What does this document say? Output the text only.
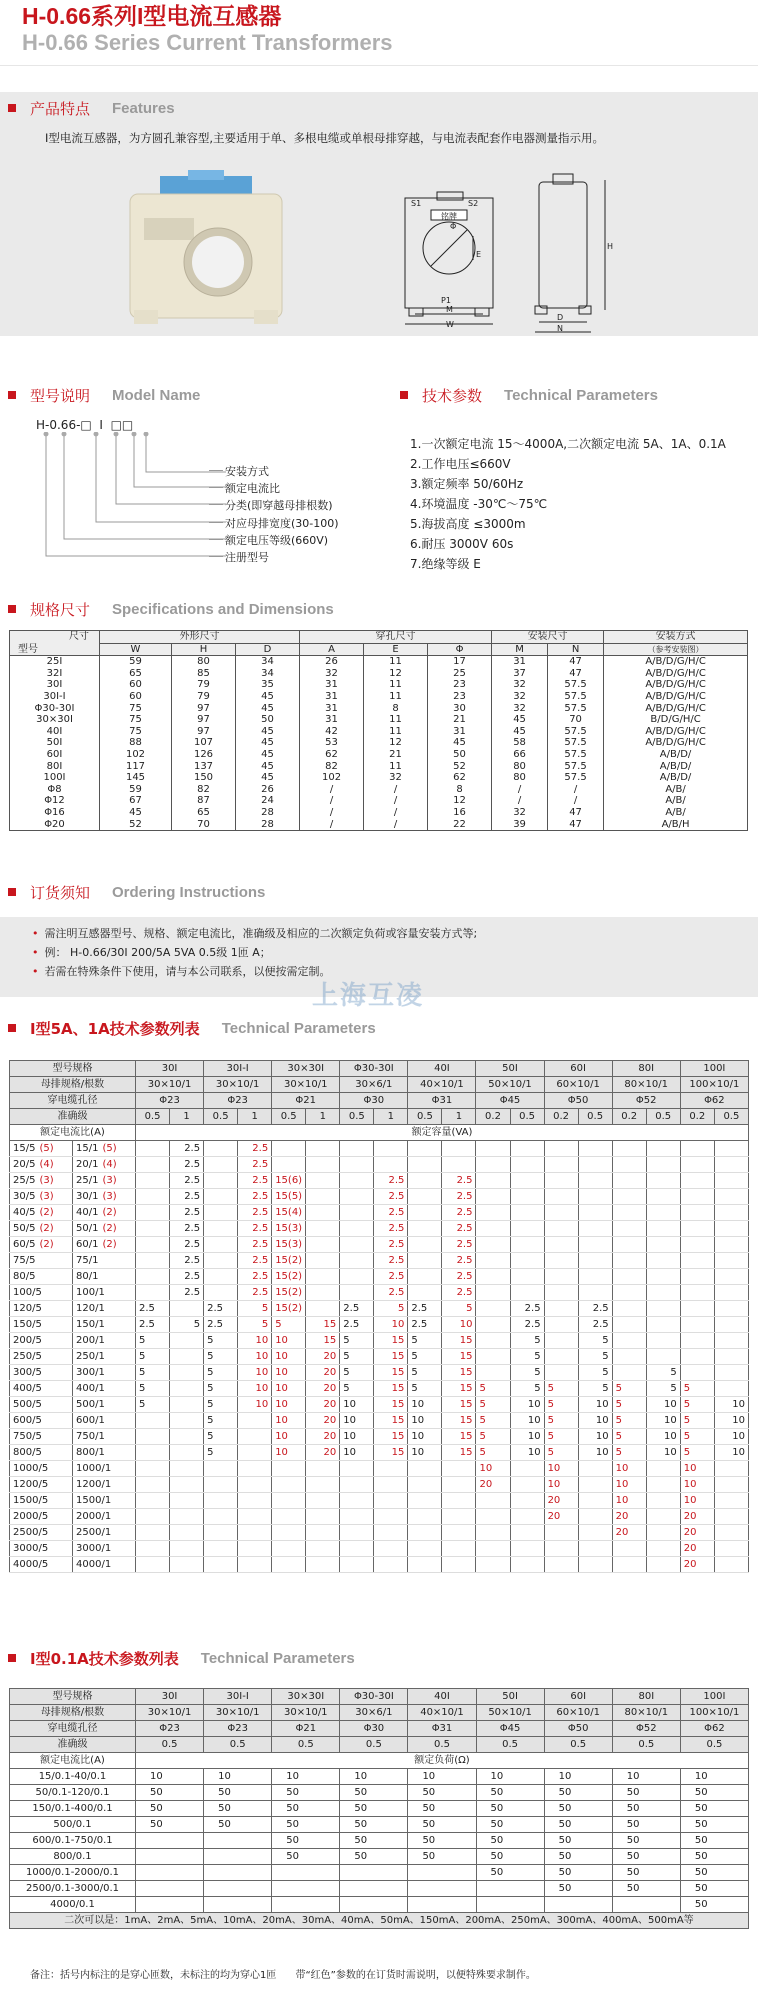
H-0.66系列I型电流互感器
H-0.66 Series Current Transformers
产品特点 Features
I型电流互感器，为方圆孔兼容型,主要适用于单、多根电缆或单根母排穿越，与电流表配套作电器测量指示用。
S1	S2
铭牌
Φ
E
P1
M
W
H
D
N
型号说明 Model Name
H-0.66-□ I  □□
安装方式
额定电流比
分类(即穿越母排根数)
对应母排宽度(30-100)
额定电压等级(660V)
注册型号
技术参数 Technical Parameters
1.一次额定电流 15～4000A,二次额定电流 5A、1A、0.1A
2.工作电压≤660V
3.额定频率 50/60Hz
4.环境温度 -30℃～75℃
5.海拔高度 ≤3000m
6.耐压 3000V 60s
7.绝缘等级 E
规格尺寸 Specifications and Dimensions
尺寸
型号	外形尺寸			穿孔尺寸			安装尺寸		安装方式
	W	H	D	A	E	Φ	M	N	（参考安装图）
25I	59	80	34	26	11	17	31	47	A/B/D/G/H/C
32I	65	85	34	32	12	25	37	47	A/B/D/G/H/C
30I	60	79	35	31	11	23	32	57.5	A/B/D/G/H/C
30I-I	60	79	45	31	11	23	32	57.5	A/B/D/G/H/C
Φ30-30I	75	97	45	31	8	30	32	57.5	A/B/D/G/H/C
30×30I	75	97	50	31	11	21	45	70	B/D/G/H/C
40I	75	97	45	42	11	31	45	57.5	A/B/D/G/H/C
50I	88	107	45	53	12	45	58	57.5	A/B/D/G/H/C
60I	102	126	45	62	21	50	66	57.5	A/B/D/
80I	117	137	45	82	11	52	80	57.5	A/B/D/
100I	145	150	45	102	32	62	80	57.5	A/B/D/
Φ8	59	82	26	/	/	8	/	/	A/B/
Φ12	67	87	24	/	/	12	/	/	A/B/
Φ16	45	65	28	/	/	16	32	47	A/B/
Φ20	52	70	28	/	/	22	39	47	A/B/H
订货须知 Ordering Instructions
• 需注明互感器型号、规格、额定电流比，准确级及相应的二次额定负荷或容量安装方式等;
• 例： H-0.66/30I 200/5A 5VA 0.5级 1匝 A；
• 若需在特殊条件下使用，请与本公司联系，以便按需定制。
上海互凌
I型5A、1A技术参数列表 Technical Parameters
型号规格		30I		30I-I		30×30I		Φ30-30I		40I		50I		60I		80I		100I	
母排规格/根数		30×10/1		30×10/1		30×10/1		30×6/1		40×10/1		50×10/1		60×10/1		80×10/1		100×10/1	
穿电缆孔径		Φ23		Φ23		Φ21		Φ30		Φ31		Φ45		Φ50		Φ52		Φ62	
准确级		0.5	1	0.5	1	0.5	1	0.5	1	0.5	1	0.2	0.5	0.2	0.5	0.2	0.5	0.2	0.5
额定电流比(A)		额定容量(VA)																	
15/5 (5)	15/1 (5)		2.5		2.5														
20/5 (4)	20/1 (4)		2.5		2.5														
25/5 (3)	25/1 (3)		2.5		2.5	15(6)			2.5		2.5								
30/5 (3)	30/1 (3)		2.5		2.5	15(5)			2.5		2.5								
40/5 (2)	40/1 (2)		2.5		2.5	15(4)			2.5		2.5								
50/5 (2)	50/1 (2)		2.5		2.5	15(3)			2.5		2.5								
60/5 (2)	60/1 (2)		2.5		2.5	15(3)			2.5		2.5								
75/5	75/1		2.5		2.5	15(2)			2.5		2.5								
80/5	80/1		2.5		2.5	15(2)			2.5		2.5								
100/5	100/1		2.5		2.5	15(2)			2.5		2.5								
120/5	120/1	2.5		2.5	5	15(2)		2.5	5	2.5	5		2.5		2.5				
150/5	150/1	2.5	5	2.5	5	5	15	2.5	10	2.5	10		2.5		2.5				
200/5	200/1	5		5	10	10	15	5	15	5	15		5		5				
250/5	250/1	5		5	10	10	20	5	15	5	15		5		5				
300/5	300/1	5		5	10	10	20	5	15	5	15		5		5		5		
400/5	400/1	5		5	10	10	20	5	15	5	15	5	5	5	5	5	5	5	
500/5	500/1	5		5	10	10	20	10	15	10	15	5	10	5	10	5	10	5	10
600/5	600/1			5		10	20	10	15	10	15	5	10	5	10	5	10	5	10
750/5	750/1			5		10	20	10	15	10	15	5	10	5	10	5	10	5	10
800/5	800/1			5		10	20	10	15	10	15	5	10	5	10	5	10	5	10
1000/5	1000/1											10		10		10		10	
1200/5	1200/1											20		10		10		10	
1500/5	1500/1													20		10		10	
2000/5	2000/1													20		20		20	
2500/5	2500/1															20		20	
3000/5	3000/1																	20	
4000/5	4000/1																	20	
I型0.1A技术参数列表 Technical Parameters
型号规格	30I	30I-I	30×30I	Φ30-30I	40I	50I	60I	80I	100I
母排规格/根数	30×10/1	30×10/1	30×10/1	30×6/1	40×10/1	50×10/1	60×10/1	80×10/1	100×10/1
穿电缆孔径	Φ23	Φ23	Φ21	Φ30	Φ31	Φ45	Φ50	Φ52	Φ62
准确级	0.5	0.5	0.5	0.5	0.5	0.5	0.5	0.5	0.5
额定电流比(A)	额定负荷(Ω)								
15/0.1-40/0.1	10	10	10	10	10	10	10	10	10
50/0.1-120/0.1	50	50	50	50	50	50	50	50	50
150/0.1-400/0.1	50	50	50	50	50	50	50	50	50
500/0.1	50	50	50	50	50	50	50	50	50
600/0.1-750/0.1			50	50	50	50	50	50	50
800/0.1			50	50	50	50	50	50	50
1000/0.1-2000/0.1						50	50	50	50
2500/0.1-3000/0.1							50	50	50
4000/0.1									50
二次可以是：1mA、2mA、5mA、10mA、20mA、30mA、40mA、50mA、150mA、200mA、250mA、300mA、400mA、500mA等									
备注：括号内标注的是穿心匝数，未标注的均为穿心1匝 带“红色”参数的在订货时需说明，以便特殊要求制作。
